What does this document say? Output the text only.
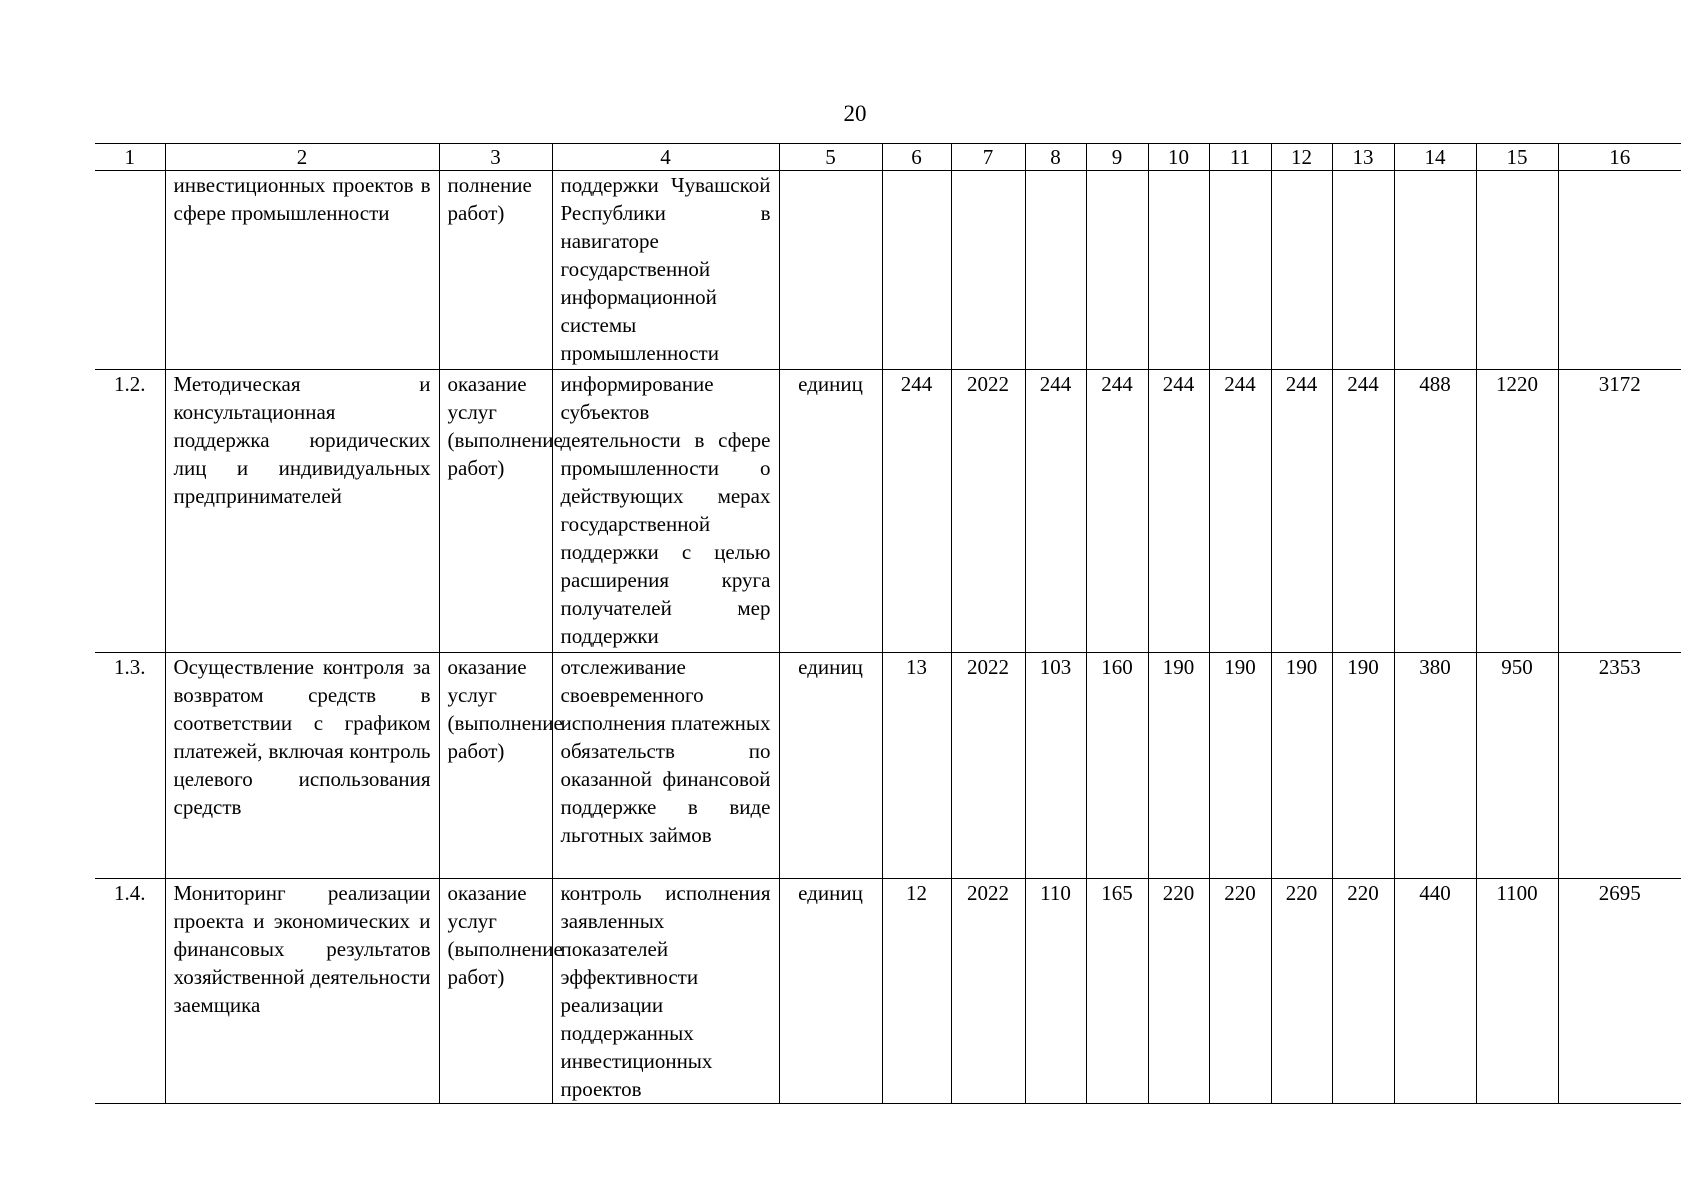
20
1	2	3	4	5	6	7	8	9	10	11	12	13	14	15	16
	инвестиционных проектов в сфере промышленности	полнение работ)	поддержки Чувашской Республики в навигаторе государственной информационной системы промышленности												
1.2.	Методическая и консультационная поддержка юридических лиц и индивидуальных предпринимателей	оказание услуг (выполнение работ)	информирование субъектов деятельности в сфере промышленности о действующих мерах государственной поддержки с целью расширения круга получателей мер поддержки	единиц	244	2022	244	244	244	244	244	244	488	1220	3172
1.3.	Осуществление контроля за возвратом средств в соответствии с графиком платежей, включая контроль целевого использования средств	оказание услуг (выполнение работ)	отслеживание своевременного исполнения платежных обязательств по оказанной финансовой поддержке в виде льготных займов	единиц	13	2022	103	160	190	190	190	190	380	950	2353
1.4.	Мониторинг реализации проекта и экономических и финансовых результатов хозяйственной деятельности заемщика	оказание услуг (выполнение работ)	контроль исполнения заявленных показателей эффективности реализации поддержанных инвестиционных проектов	единиц	12	2022	110	165	220	220	220	220	440	1100	2695
